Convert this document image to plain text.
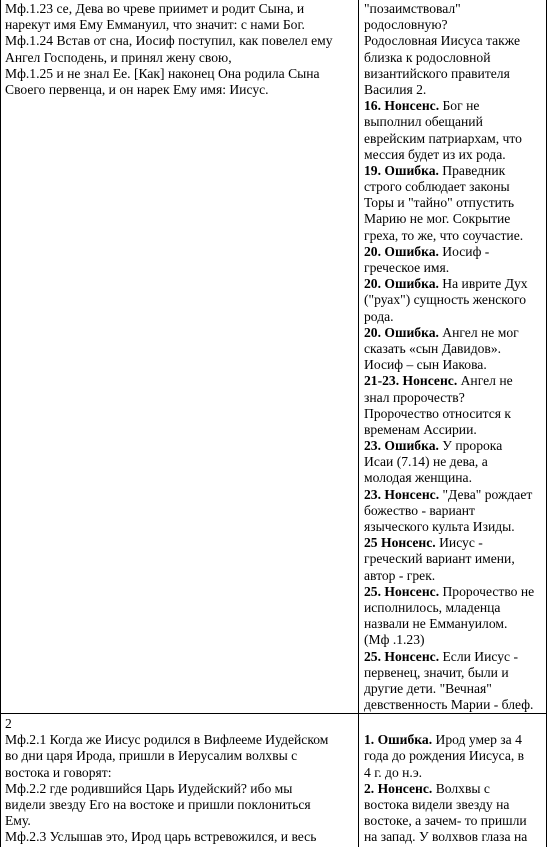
Мф.1.23 се, Дева во чреве приимет и родит Сына, и
нарекут имя Ему Еммануил, что значит: с нами Бог.
Мф.1.24 Встав от сна, Иосиф поступил, как повелел ему
Ангел Господень, и принял жену свою,
Мф.1.25 и не знал Ее. [Как] наконец Она родила Сына
Своего первенца, и он нарек Ему имя: Иисус.
"позаимствовал"
родословную?
Родословная Иисуса также
близка к родословной
византийского правителя
Василия 2.
16. Нонсенс. Бог не
выполнил обещаний
еврейским патриархам, что
мессия будет из их рода.
19. Ошибка. Праведник
строго соблюдает законы
Торы и "тайно" отпустить
Марию не мог. Сокрытие
греха, то же, что соучастие.
20. Ошибка. Иосиф -
греческое имя.
20. Ошибка. На иврите Дух
("руах") сущность женского
рода.
20. Ошибка. Ангел не мог
сказать «сын Давидов».
Иосиф – сын Иакова.
21-23. Нонсенс. Ангел не
знал пророчеств?
Пророчество относится к
временам Ассирии.
23. Ошибка. У пророка
Исаи (7.14) не дева, а
молодая женщина.
23. Нонсенс. "Дева" рождает
божество - вариант
языческого культа Изиды.
25 Нонсенс. Иисус -
греческий вариант имени,
автор - грек.
25. Нонсенс. Пророчество не
исполнилось, младенца
назвали не Еммануилом.
(Мф .1.23)
25. Нонсенс. Если Иисус -
первенец, значит, были и
другие дети. "Вечная"
девственность Марии - блеф.
2
Мф.2.1 Когда же Иисус родился в Вифлееме Иудейском
во дни царя Ирода, пришли в Иерусалим волхвы с
востока и говорят:
Мф.2.2 где родившийся Царь Иудейский? ибо мы
видели звезду Его на востоке и пришли поклониться
Ему.
Мф.2.3 Услышав это, Ирод царь встревожился, и весь
1. Ошибка. Ирод умер за 4
года до рождения Иисуса, в
4 г. до н.э.
2. Нонсенс. Волхвы с
востока видели звезду на
востоке, а зачем- то пришли
на запад. У волхвов глаза на
